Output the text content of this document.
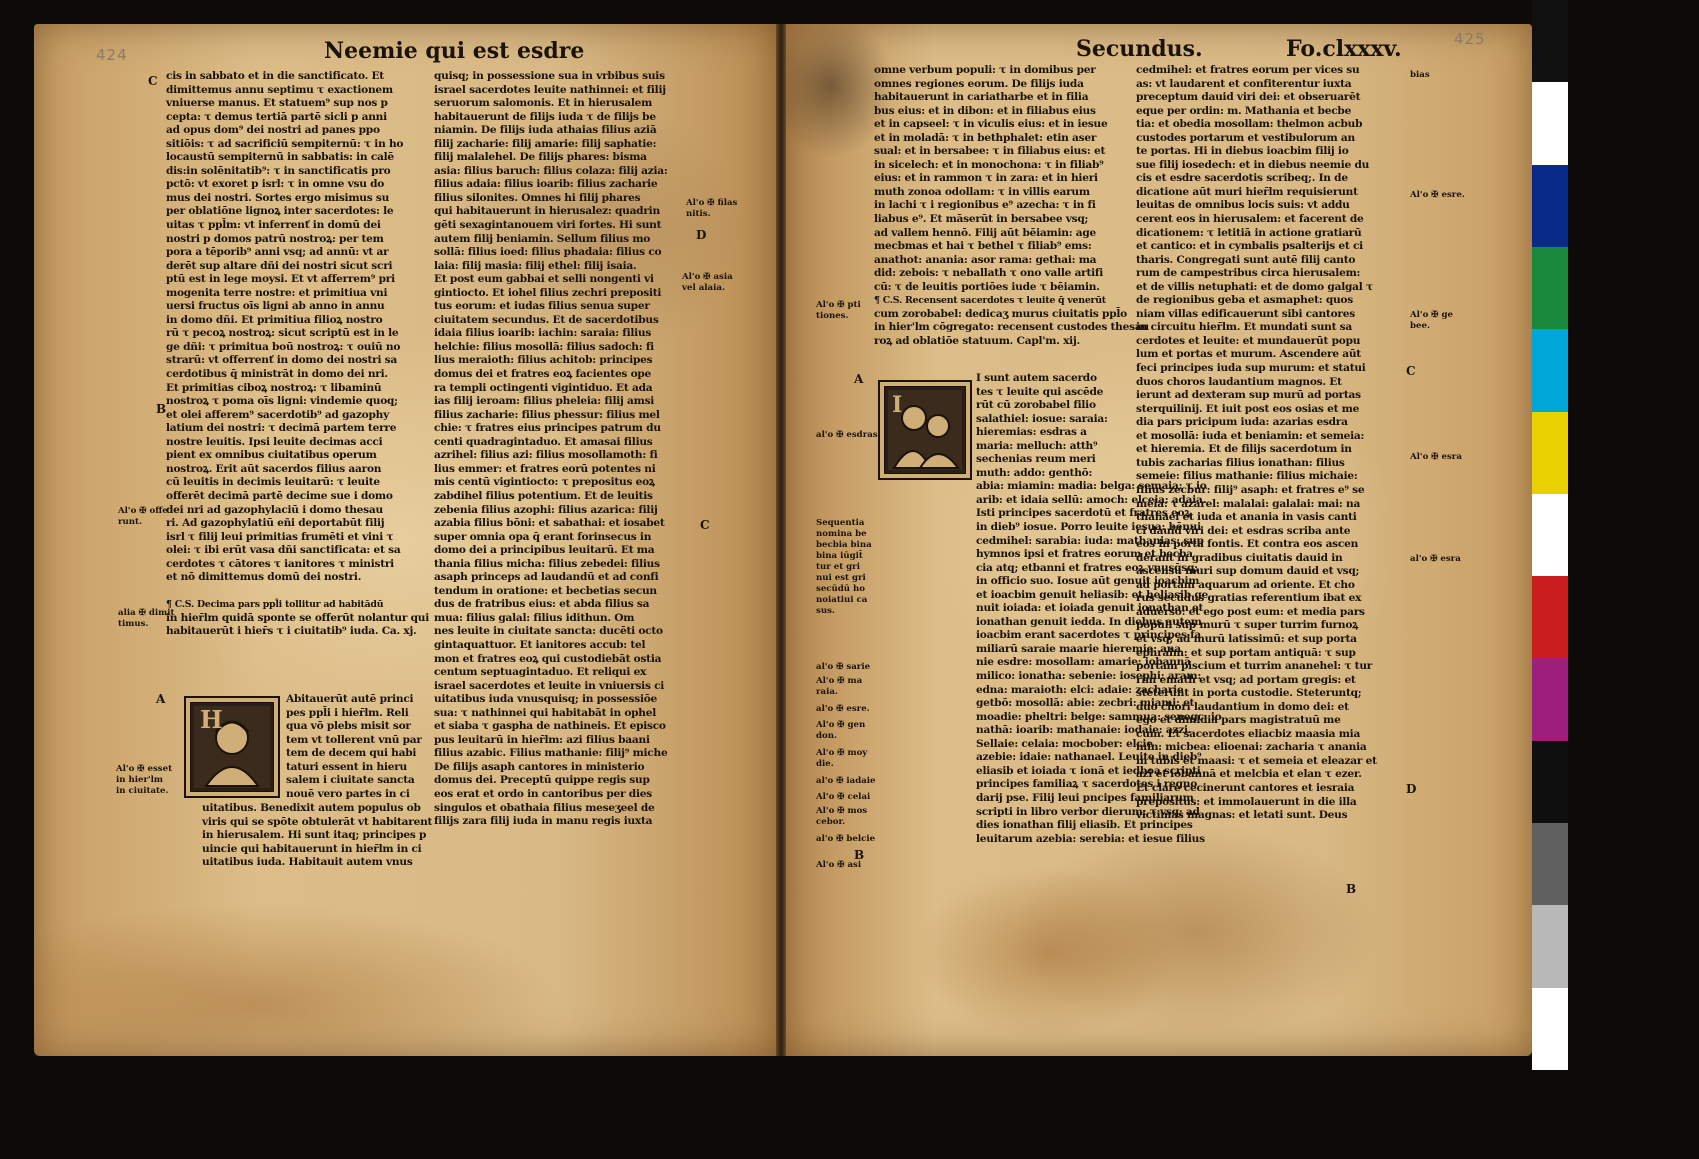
424	Neemie qui est esdre
cis in sabbato et in die sanctificato. Et
dimittemus annu septimu τ exactionem
vniuerse manus. Et statuem⁹ sup nos p
cepta: τ demus tertiā partē sicli p anni
ad opus dom⁹ dei nostri ad panes ppo
sitiōis: τ ad sacrificiū sempiternū: τ in ho
locaustū sempiternū in sabbatis: in calē
dis:in solēnitatib⁹: τ in sanctificatis pro
pctō: vt exoret p isrl: τ in omne vsu do
mus dei nostri. Sortes ergo misimus su
per oblatiōne lignoꝝ inter sacerdotes: le
uitas τ ppl̄m: vt inferrenť in domū dei
nostri p domos patrū nostroꝝ: per tem
pora a tēporib⁹ anni vsq; ad annū: vt ar
derēt sup altare dñi dei nostri sicut scri
ptū est in lege moysi. Et vt afferrem⁹ pri
mogenita terre nostre: et primitiua vni
uersi fructus oīs ligni ab anno in annu
in domo dñi. Et primitiua filioꝝ nostro
rū τ pecoꝝ nostroꝝ: sicut scriptū est in le
ge dñi: τ primitua boū nostroꝝ: τ ouiū no
strarū: vt offerrenť in domo dei nostri sa
cerdotibus q̄ ministrāt in domo dei nri.
Et primitias ciboꝝ nostroꝝ: τ libaminū
nostroꝝ τ poma oīs ligni: vindemie quoq;
et olei afferem⁹ sacerdotib⁹ ad gazophy
latium dei nostri: τ decimā partem terre
nostre leuitis. Ipsi leuite decimas acci
pient ex omnibus ciuitatibus operum
nostroꝝ. Erit aūt sacerdos filius aaron
cū leuitis in decimis leuitarū: τ leuite
offerēt decimā partē decime sue i domo
dei nri ad gazophylaciū i domo thesau
ri. Ad gazophylatiū eñi deportabūt filij
isrl τ filij leui primitias frumēti et vini τ
olei: τ ibi erūt vasa dñi sanctificata: et sa
cerdotes τ cātores τ ianitores τ ministri
et nō dimittemus domū dei nostri.

¶ C.S. Decima pars ppl̄i tollitur ad habitādū
in hier̄lm quidā sponte se offerūt nolantur qui
habitauerūt i hier̄s τ i ciuitatib⁹ iuda. Ca. xj.
H
Abitauerūt autē princi
pes ppl̄i i hier̄lm. Reli
qua vō plebs misit sor
tem vt tollerent vnū par
tem de decem qui habi
taturi essent in hieru
salem i ciuitate sancta
nouē vero partes in ci
uitatibus. Benedixit autem populus ob
viris qui se spōte obtulerāt vt habitarent
in hierusalem. Hi sunt itaq; principes p
uincie qui habitauerunt in hier̄lm in ci
uitatibus iuda. Habitauit autem vnus
quisq; in possessione sua in vrbibus suis
israel sacerdotes leuite nathinnei: et filij
seruorum salomonis. Et in hierusalem
habitauerunt de filijs iuda τ de filijs be
niamin. De filijs iuda athaias filius aziā
filij zacharie: filij amarie: filij saphatie:
filij malalehel. De filijs phares: bisma
asia: filius baruch: filius colaza: filij azia:
filius adaia: filius ioarib: filius zacharie
filius silonites. Omnes hi filij phares
qui habitauerunt in hierusalez: quadrin
gēti sexagintanouem viri fortes. Hi sunt
autem filij beniamin. Sellum filius mo
sollā: filius ioed: filius phadaia: filius co
laia: filij masia: filij ethel: filij isaia.
Et post eum gabbai et selli nongenti vi
gintiocto. Et iohel filius zechri prepositi
tus eorum: et iudas filius senua super
ciuitatem secundus. Et de sacerdotibus
idaia filius ioarib: iachin: saraia: filius
helchie: filius mosollā: filius sadoch: fi
lius meraioth: filius achitob: principes
domus dei et fratres eoꝝ facientes ope
ra templi octingenti vigintiduo. Et ada
ias filij ieroam: filius pheleia: filij amsi
filius zacharie: filius phessur: filius mel
chie: τ fratres eius principes patrum du
centi quadragintaduo. Et amasai filius
azrihel: filius azi: filius mosollamoth: fi
lius emmer: et fratres eorū potentes ni
mis centū vigintiocto: τ prepositus eoꝝ
zabdihel filius potentium. Et de leuitis
zebenia filius azophi: filius azarica: filij
azabia filius bōni: et sabathai: et iosabet
super omnia opa q̄ erant forinsecus in
domo dei a principibus leuitarū. Et ma
thania filius micha: filius zebedei: filius
asaph princeps ad laudandū et ad confi
tendum in oratione: et becbetias secun
dus de fratribus eius: et abda filius sa
mua: filius galal: filius idithun. Om
nes leuite in ciuitate sancta: ducēti octo
gintaquattuor. Et ianitores accub: tel
mon et fratres eoꝝ qui custodiebāt ostia
centum septuagintaduo. Et reliqui ex
israel sacerdotes et leuite in vniuersis ci
uitatibus iuda vnusquisq; in possessiōe
sua: τ nathinnei qui habitabāt in ophel
et siaba τ gaspha de nathineis. Et episco
pus leuitarū in hier̄lm: azi filius baani
filius azabic. Filius mathanie: filij⁹ miche
De filijs asaph cantores in ministerio
domus dei. Preceptū quippe regis sup
eos erat et ordo in cantoribus per dies
singulos et obathaia filius meseʒeel de
filijs zara filij iuda in manu regis iuxta
Al'o ✠ filas
nitis.
Al'o ✠ asia
vel alaia.
Al'o ✠ offe
runt.
alia ✠ dimit
timus.
Al'o ✠ esset
in hier'lm
in ciuitate.
C
D
B
A
C
Secundus.	Fo.clxxxv.	425
omne verbum populi: τ in domibus per
omnes regiones eorum. De filijs iuda
habitauerunt in cariatharbe et in filia
bus eius: et in dibon: et in filiabus eius
et in capseel: τ in viculis eius: et in iesue
et in moladā: τ in bethphalet: etin aser
sual: et in bersabee: τ in filiabus eius: et
in sicelech: et in monochona: τ in filiab⁹
eius: et in rammon τ in zara: et in hieri
muth zonoa odollam: τ in villis earum
in lachi τ i regionibus e⁹ azecha: τ in fi
liabus e⁹. Et māserūt in bersabee vsq;
ad vallem hennō. Filij aūt bēiamin: age
mecbmas et hai τ bethel τ filiab⁹ ems:
anathot: anania: asor rama: gethai: ma
did: zebois: τ neballath τ ono valle artifi
cū: τ de leuitis portiōes iude τ bēiamin.
¶ C.S. Recensent sacerdotes τ leuite q̄ venerūt
cum zorobabel: dedicaʒ murus ciuitatis ppl̄o
in hier'lm cōgregato: recensent custodes thesau
roꝝ ad oblatiōe statuum. Capl'm. xij.
I
I sunt autem sacerdo
tes τ leuite qui ascēde
rūt cū zorobabel filio
salathiel: iosue: saraia:
hieremias: esdras a
maria: melluch: atth⁹
sechenias reum meri
muth: addo: genthō:
abia: miamin: madia: belga: semaia: τ io
arib: et idaia sellū: amoch: elceia: adaia.
Isti principes sacerdotū et fratres eoꝝ
in dieb⁹ iosue. Porro leuite iesua: bēnui
cedmihel: sarabia: iuda: mathanias: sup
hymnos ipsi et fratres eorum et becba
cia atq; etbanni et fratres eoꝝ vnusq̄sq;
in officio suo. Iosue aūt genuit ioacbim
et ioacbim genuit heliasib: et heliasib ge
nuit ioiada: et ioiada genuit ionathan et
ionathan genuit iedda. In diebus autem
ioacbim erant sacerdotes τ principes fa
miliarū saraie maarie hieremie: ana
nie esdre: mosollam: amarie: iobannā
milico: ionatha: sebenie: iosephi: aram:
edna: maraioth: elci: adaie: zacharie
getbō: mosollā: abie: zecbri: miami: et
moadie: pheltri: belge: sammua: senegc: io
nathā: ioarib: mathanaie: iodaie: azzi.
Sellaie: celaia: mocbober: elcie
azebie: idaie: nathanael. Leuite in dieb⁹
eliasib et ioiada τ ionā et iedboa scripti
principes familiaꝝ τ sacerdotes i regno
darij pse. Filij leui pncipes familiarum
scripti in libro verbor dierum: τ vsq; ad
dies ionathan filij eliasib. Et principes
leuitarum azebia: serebia: et iesue filius
cedmihel: et fratres eorum per vices su
as: vt laudarent et confiterentur iuxta
preceptum dauid viri dei: et obseruarēt
eque per ordin: m. Mathania et becbe
tia: et obedia mosollam: thelmon acbub
custodes portarum et vestibulorum an
te portas. Hi in diebus ioacbim filij io
sue filij iosedech: et in diebus neemie du
cis et esdre sacerdotis scribeq;. In de
dicatione aūt muri hier̄lm requisierunt
leuitas de omnibus locis suis: vt addu
cerent eos in hierusalem: et facerent de
dicationem: τ letitiā in actione gratiarū
et cantico: et in cymbalis psalterijs et ci
tharis. Congregati sunt autē filij canto
rum de campestribus circa hierusalem:
et de villis netuphati: et de domo galgal τ
de regionibus geba et asmaphet: quos
niam villas edificauerunt sibi cantores
in circuitu hier̄lm. Et mundati sunt sa
cerdotes et leuite: et mundauerūt popu
lum et portas et murum. Ascendere aūt
feci principes iuda sup murum: et statui
duos choros laudantium magnos. Et
ierunt ad dexteram sup murū ad portas
sterquilinij. Et iuit post eos osias et me
dia pars pricipum iuda: azarias esdra
et mosollā: iuda et beniamin: et semeia:
et hieremia. Et de filijs sacerdotum in
tubis zacharias filius ionathan: filius
semeie: filius mathanie: filius michaie:
filius zecbur: filij⁹ asaph: et fratres e⁹ se
meia: τ azarel: malalai: galalai: mai: na
thanael et iuda et anania in vasis canti
ci dauid viri dei: et esdras scriba ante
eos in porta fontis. Et contra eos ascen
derant in gradibus ciuitatis dauid in
ascensu muri sup domum dauid et vsq;
ad portam aquarum ad oriente. Et cho
rus secūdus gratias referentium ibat ex
aduerso: et ego post eum: et media pars
populi sup murū τ super turrim furnoꝝ
et vsq; ad murū latissimū: et sup porta
ephraim: et sup portam antiquā: τ sup
portam piscium et turrim ananehel: τ tur
rim emath et vsq; ad portam gregis: et
steterunt in porta custodie. Steteruntq;
duo chori laudantium in domo dei: et
ego et dimidia pars magistratuū me
cum. Et sacerdotes eliacbiz maasia mia
min: micbea: elioenai: zacharia τ anania
in tubis et maasi: τ et semeia et eleazar et
azi et iobannā et melcbia et elan τ ezer.
Et clare cecinerunt cantores et iesraia
prepositus: et immolauerunt in die illa
victimas magnas: et letati sunt. Deus
Al'o ✠ pti
tiones.
al'o ✠ esdras
Sequentia
nomina be
becbia bina
bina iūgit̄
tur et gri
nui est gri
secūdū ho
noiatiui ca
sus.
al'o ✠ sarie
Al'o ✠ ma
raia.
al'o ✠ esre.
Al'o ✠ gen
don.
Al'o ✠ moy
die.
al'o ✠ iadaie
Al'o ✠ celai
Al'o ✠ mos
cebor.
al'o ✠ belcie
Al'o ✠ asi
bias
Al'o ✠ esre.
Al'o ✠ ge
bee.
Al'o ✠ esra
al'o ✠ esra
A
B
C
D
B
